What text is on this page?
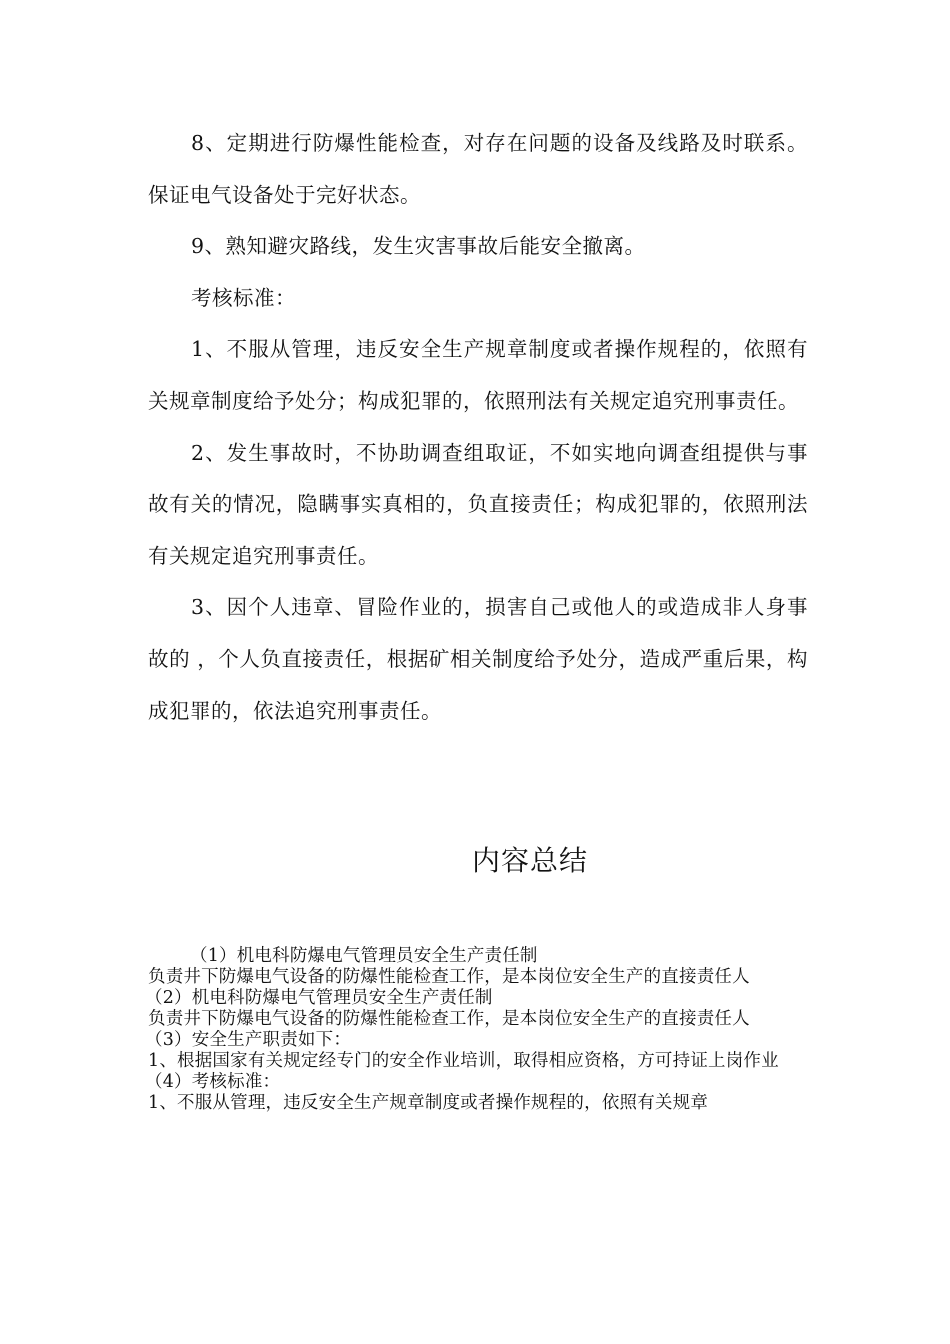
8、定期进行防爆性能检查，对存在问题的设备及线路及时联系。保证电气设备处于完好状态。

9、熟知避灾路线，发生灾害事故后能安全撤离。

考核标准：

1、不服从管理，违反安全生产规章制度或者操作规程的，依照有关规章制度给予处分；构成犯罪的，依照刑法有关规定追究刑事责任。

2、发生事故时，不协助调查组取证，不如实地向调查组提供与事故有关的情况，隐瞒事实真相的，负直接责任；构成犯罪的，依照刑法有关规定追究刑事责任。

3、因个人违章、冒险作业的，损害自己或他人的或造成非人身事故的 ，个人负直接责任，根据矿相关制度给予处分，造成严重后果，构成犯罪的，依法追究刑事责任。

内容总结

（1）机电科防爆电气管理员安全生产责任制

负责井下防爆电气设备的防爆性能检查工作，是本岗位安全生产的直接责任人

（2）机电科防爆电气管理员安全生产责任制

负责井下防爆电气设备的防爆性能检查工作，是本岗位安全生产的直接责任人

（3）安全生产职责如下：

1、根据国家有关规定经专门的安全作业培训，取得相应资格，方可持证上岗作业

（4）考核标准：

1、不服从管理，违反安全生产规章制度或者操作规程的，依照有关规章
